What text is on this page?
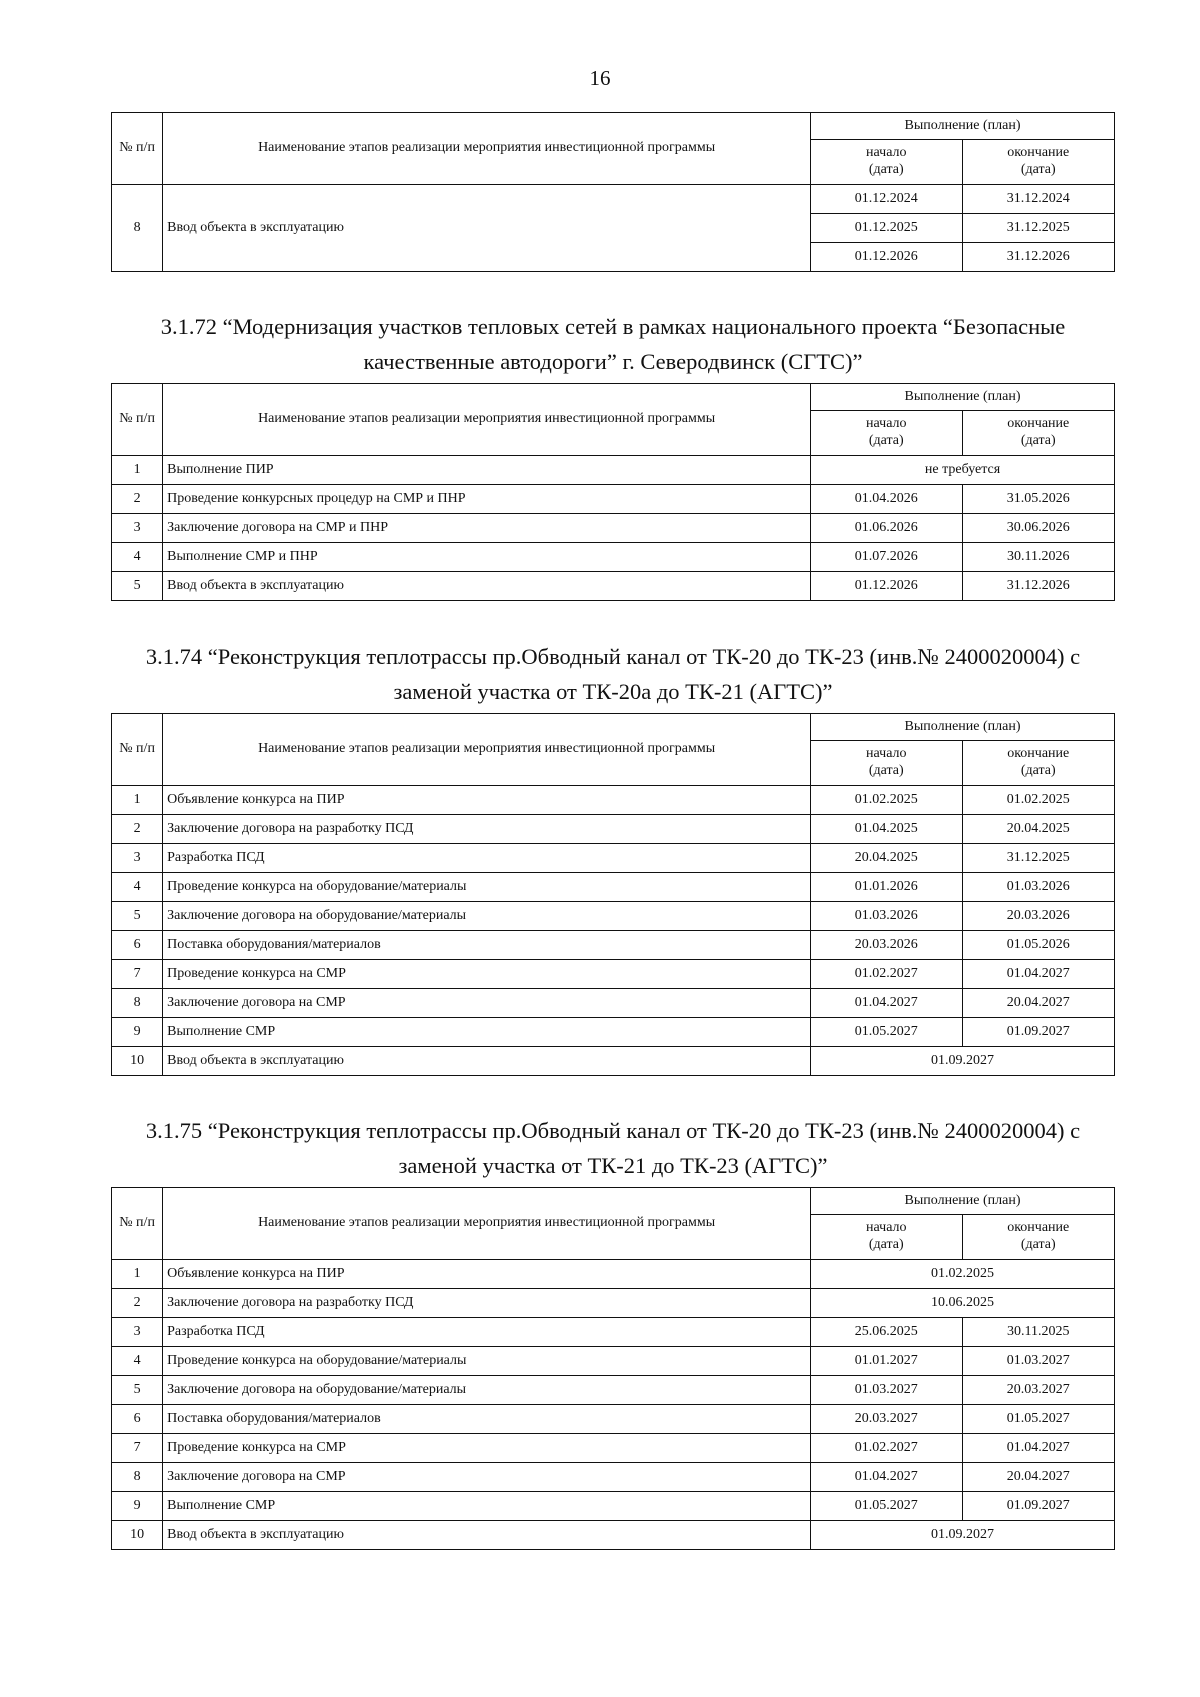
16
№ п/п	Наименование этапов реализации мероприятия инвестиционной программы	Выполнение (план)	
		начало
(дата)	окончание
(дата)
8	Ввод объекта в эксплуатацию	01.12.2024	31.12.2024
		01.12.2025	31.12.2025
		01.12.2026	31.12.2026
3.1.72 “Модернизация участков тепловых сетей в рамках национального проекта “Безопасные
качественные автодороги” г. Северодвинск (СГТС)”
№ п/п	Наименование этапов реализации мероприятия инвестиционной программы	Выполнение (план)	
		начало
(дата)	окончание
(дата)
1	Выполнение ПИР	не требуется	
2	Проведение конкурсных процедур на СМР и ПНР	01.04.2026	31.05.2026
3	Заключение договора на СМР и ПНР	01.06.2026	30.06.2026
4	Выполнение СМР и ПНР	01.07.2026	30.11.2026
5	Ввод объекта в эксплуатацию	01.12.2026	31.12.2026
3.1.74 “Реконструкция теплотрассы пр.Обводный канал от ТК-20 до ТК-23 (инв.№ 2400020004) с
заменой участка от ТК-20а до ТК-21 (АГТС)”
№ п/п	Наименование этапов реализации мероприятия инвестиционной программы	Выполнение (план)	
		начало
(дата)	окончание
(дата)
1	Объявление конкурса на ПИР	01.02.2025	01.02.2025
2	Заключение договора на разработку ПСД	01.04.2025	20.04.2025
3	Разработка ПСД	20.04.2025	31.12.2025
4	Проведение конкурса на оборудование/материалы	01.01.2026	01.03.2026
5	Заключение договора на оборудование/материалы	01.03.2026	20.03.2026
6	Поставка оборудования/материалов	20.03.2026	01.05.2026
7	Проведение конкурса на СМР	01.02.2027	01.04.2027
8	Заключение договора на СМР	01.04.2027	20.04.2027
9	Выполнение СМР	01.05.2027	01.09.2027
10	Ввод объекта в эксплуатацию	01.09.2027	
3.1.75 “Реконструкция теплотрассы пр.Обводный канал от ТК-20 до ТК-23 (инв.№ 2400020004) с
заменой участка от ТК-21 до ТК-23 (АГТС)”
№ п/п	Наименование этапов реализации мероприятия инвестиционной программы	Выполнение (план)	
		начало
(дата)	окончание
(дата)
1	Объявление конкурса на ПИР	01.02.2025	
2	Заключение договора на разработку ПСД	10.06.2025	
3	Разработка ПСД	25.06.2025	30.11.2025
4	Проведение конкурса на оборудование/материалы	01.01.2027	01.03.2027
5	Заключение договора на оборудование/материалы	01.03.2027	20.03.2027
6	Поставка оборудования/материалов	20.03.2027	01.05.2027
7	Проведение конкурса на СМР	01.02.2027	01.04.2027
8	Заключение договора на СМР	01.04.2027	20.04.2027
9	Выполнение СМР	01.05.2027	01.09.2027
10	Ввод объекта в эксплуатацию	01.09.2027	
